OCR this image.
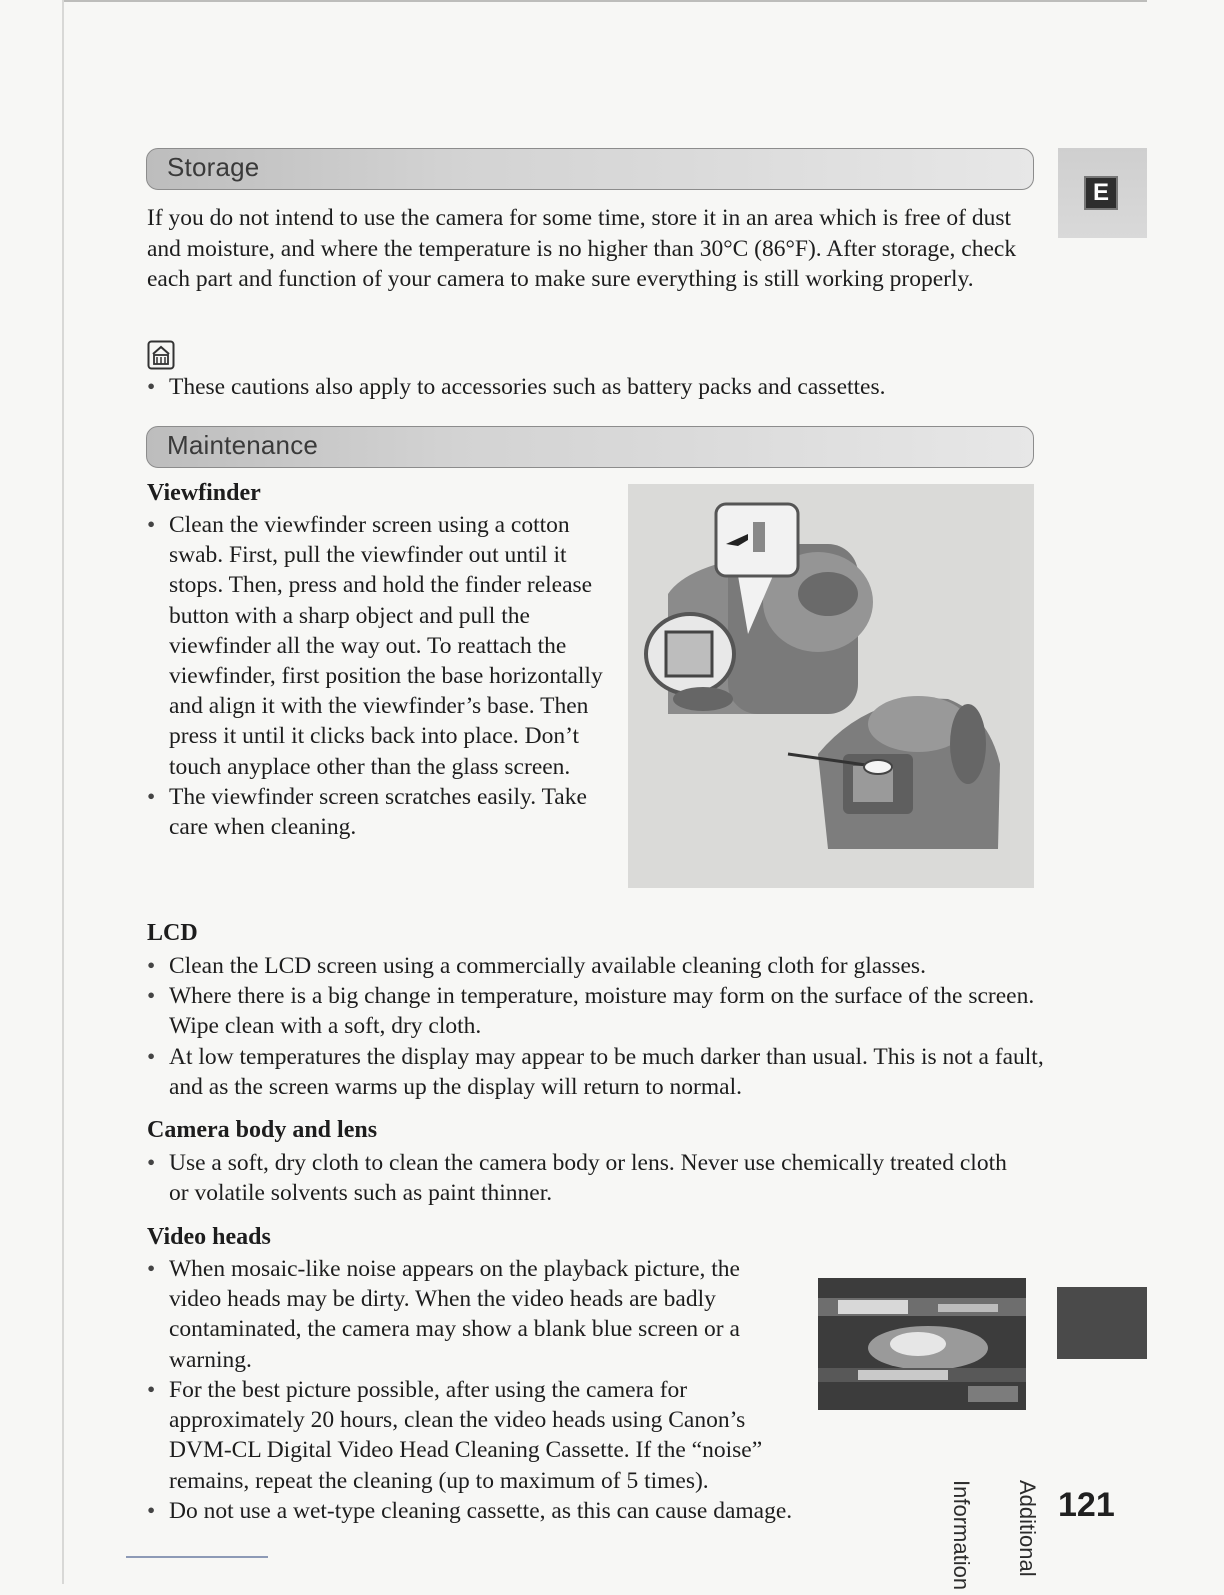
Storage

If you do not intend to use the camera for some time, store it in an area which is free of dust and moisture, and where the temperature is no higher than 30°C (86°F). After storage, check each part and function of your camera to make sure everything is still working properly.

• These cautions also apply to accessories such as battery packs and cassettes.
Maintenance
Viewfinder
• Clean the viewfinder screen using a cotton swab. First, pull the viewfinder out until it stops. Then, press and hold the finder release button with a sharp object and pull the viewfinder all the way out. To reattach the viewfinder, first position the base horizontally and align it with the viewfinder’s base. Then press it until it clicks back into place. Don’t touch anyplace other than the glass screen.
• The viewfinder screen scratches easily. Take care when cleaning.
LCD
• Clean the LCD screen using a commercially available cleaning cloth for glasses.
• Where there is a big change in temperature, moisture may form on the surface of the screen. Wipe clean with a soft, dry cloth.
• At low temperatures the display may appear to be much darker than usual. This is not a fault, and as the screen warms up the display will return to normal.
Camera body and lens
• Use a soft, dry cloth to clean the camera body or lens. Never use chemically treated cloth or volatile solvents such as paint thinner.
Video heads
• When mosaic-like noise appears on the playback picture, the video heads may be dirty. When the video heads are badly contaminated, the camera may show a blank blue screen or a warning.
• For the best picture possible, after using the camera for approximately 20 hours, clean the video heads using Canon’s DVM-CL Digital Video Head Cleaning Cassette. If the “noise” remains, repeat the cleaning (up to maximum of 5 times).
• Do not use a wet-type cleaning cassette, as this can cause damage.
E

Additional

Information 121
